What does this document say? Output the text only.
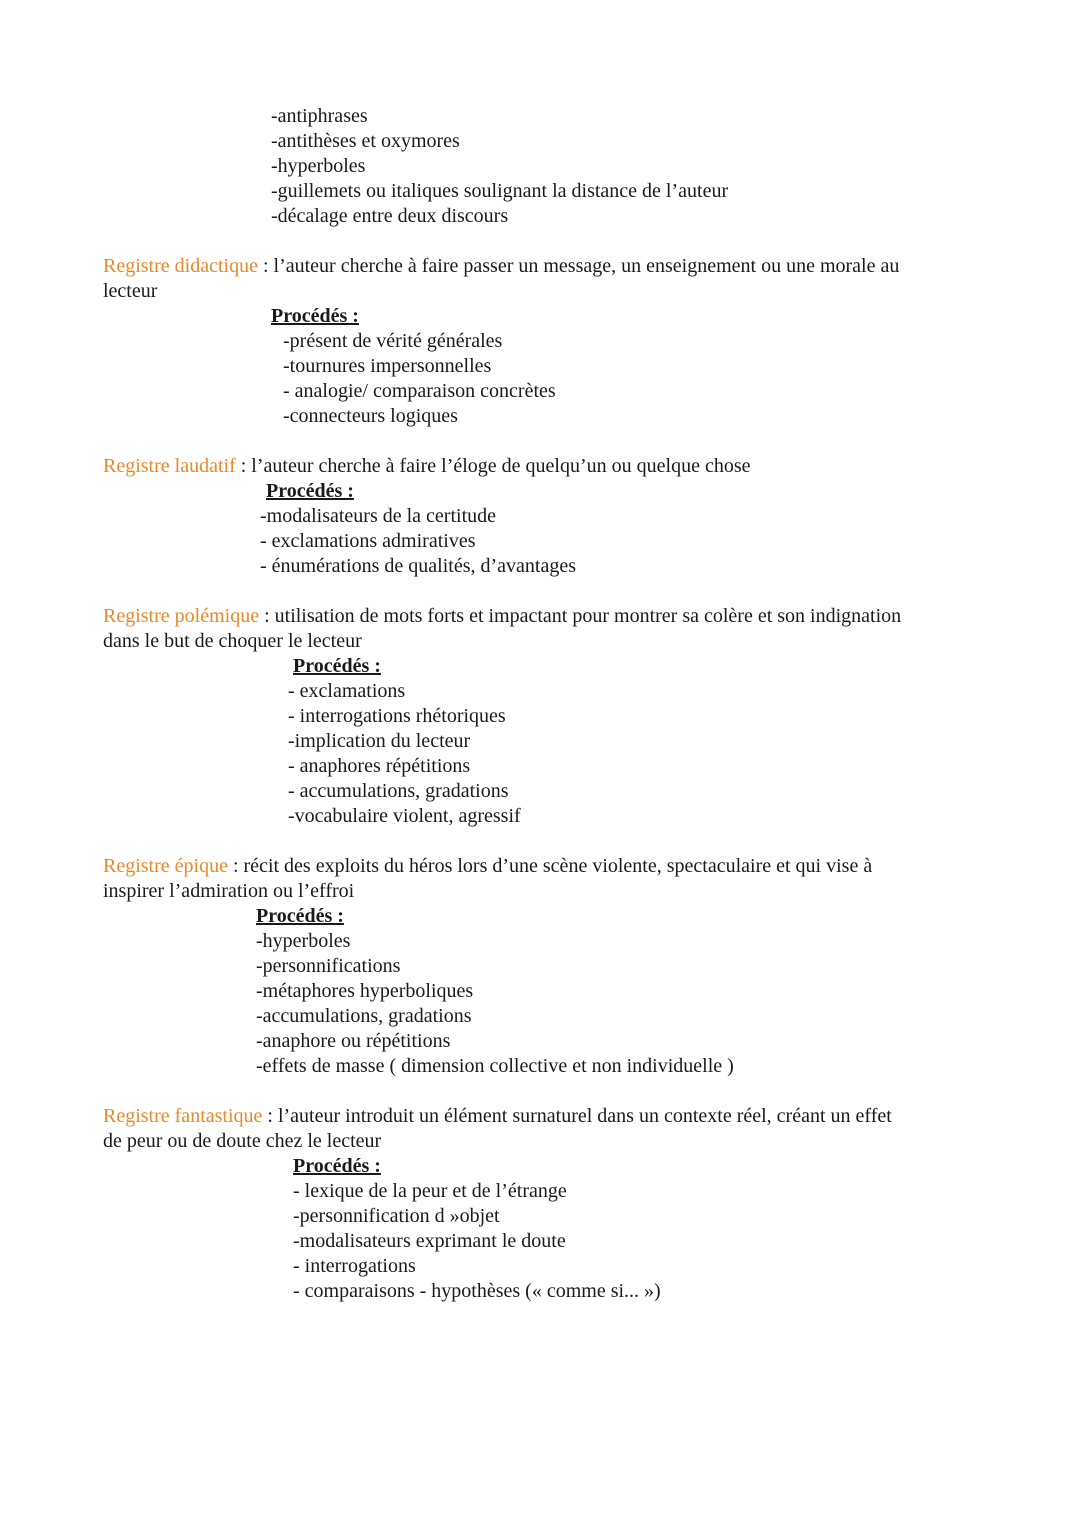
-antiphrases
-antithèses et oxymores
-hyperboles
-guillemets ou italiques soulignant la distance de l’auteur
-décalage entre deux discours
Registre didactique : l’auteur cherche à faire passer un message, un enseignement ou une morale au
lecteur
Procédés :
-présent de vérité générales
-tournures impersonnelles
- analogie/ comparaison concrètes
-connecteurs logiques
Registre laudatif : l’auteur cherche à faire l’éloge de quelqu’un ou quelque chose
Procédés :
-modalisateurs de la certitude
- exclamations admiratives
- énumérations de qualités, d’avantages
Registre polémique : utilisation de mots forts et impactant pour montrer sa colère et son indignation
dans le but de choquer le lecteur
Procédés :
- exclamations
- interrogations rhétoriques
-implication du lecteur
- anaphores répétitions
- accumulations, gradations
-vocabulaire violent, agressif
Registre épique : récit des exploits du héros lors d’une scène violente, spectaculaire et qui vise à
inspirer l’admiration ou l’effroi
Procédés :
-hyperboles
-personnifications
-métaphores hyperboliques
-accumulations, gradations
-anaphore ou répétitions
-effets de masse ( dimension collective et non individuelle )
Registre fantastique : l’auteur introduit un élément surnaturel dans un contexte réel, créant un effet
de peur ou de doute chez le lecteur
Procédés :
- lexique de la peur et de l’étrange
-personnification d »objet
-modalisateurs exprimant le doute
- interrogations
- comparaisons - hypothèses (« comme si... »)
